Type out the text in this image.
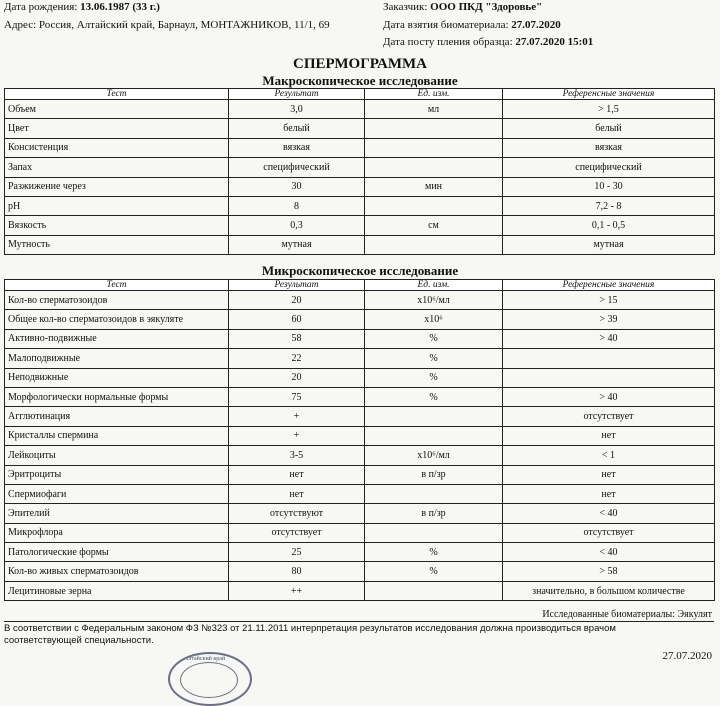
Дата рождения: 13.06.1987 (33 г.)
Адрес: Россия, Алтайский край, Барнаул, МОНТАЖНИКОВ, 11/1, 69
Заказчик: ООО ПКД "Здоровье"
Дата взятия биоматериала: 27.07.2020
Дата посту пления образца: 27.07.2020 15:01
СПЕРМОГРАММА
Макроскопическое исследование
Тест	Результат	Ед. изм.	Референсные значения
Объем	3,0	мл	> 1,5
Цвет	белый		белый
Консистенция	вязкая		вязкая
Запах	специфический		специфический
Разжижение через	30	мин	10 - 30
pH	8		7,2 - 8
Вязкость	0,3	см	0,1 - 0,5
Мутность	мутная		мутная
Микроскопическое исследование
Тест	Результат	Ед. изм.	Референсные значения
Кол-во сперматозоидов	20	x10⁶/мл	> 15
Общее кол-во сперматозоидов в эякуляте	60	x10⁶	> 39
Активно-подвижные	58	%	> 40
Малоподвижные	22	%	
Неподвижные	20	%	
Морфологически нормальные формы	75	%	> 40
Агглютинация	+		отсутствует
Кристаллы спермина	+		нет
Лейкоциты	3-5	x10⁶/мл	< 1
Эритроциты	нет	в п/зр	нет
Спермиофаги	нет		нет
Эпителий	отсутствуют	в п/зр	< 40
Микрофлора	отсутствует		отсутствует
Патологические формы	25	%	< 40
Кол-во живых сперматозоидов	80	%	> 58
Лецитиновые зерна	++		значительно, в большом количестве
Исследованные биоматериалы: Эякулят
В соответствии с Федеральным законом ФЗ №323 от 21.11.2011 интерпретация результатов исследования должна производиться врачом
соответствующей специальности.
Алтайский край	27.07.2020
